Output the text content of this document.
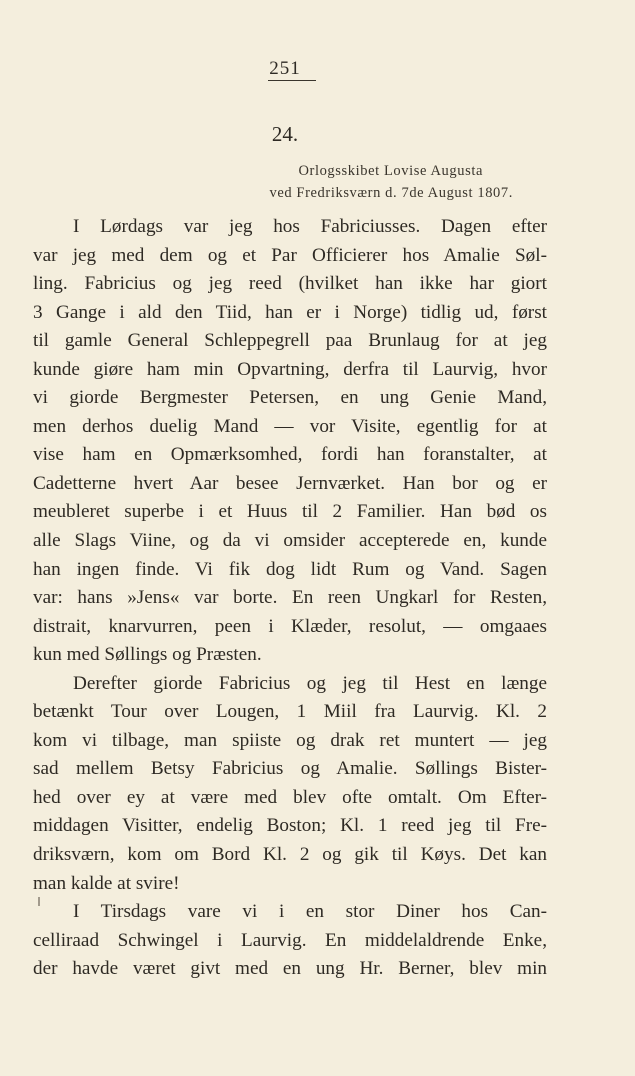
251
24.
Orlogsskibet Lovise Augusta
ved Fredriksværn d. 7de August 1807.
I Lørdags var jeg hos Fabriciusses. Dagen efter
var jeg med dem og et Par Officierer hos Amalie Søl-
ling. Fabricius og jeg reed (hvilket han ikke har giort
3 Gange i ald den Tiid, han er i Norge) tidlig ud, først
til gamle General Schleppegrell paa Brunlaug for at jeg
kunde giøre ham min Opvartning, derfra til Laurvig, hvor
vi giorde Bergmester Petersen, en ung Genie Mand,
men derhos duelig Mand — vor Visite, egentlig for at
vise ham en Opmærksomhed, fordi han foranstalter, at
Cadetterne hvert Aar besee Jernværket. Han bor og er
meubleret superbe i et Huus til 2 Familier. Han bød os
alle Slags Viine, og da vi omsider accepterede en, kunde
han ingen finde. Vi fik dog lidt Rum og Vand. Sagen
var: hans »Jens« var borte. En reen Ungkarl for Resten,
distrait, knarvurren, peen i Klæder, resolut, — omgaaes
kun med Søllings og Præsten.
Derefter giorde Fabricius og jeg til Hest en længe
betænkt Tour over Lougen, 1 Miil fra Laurvig. Kl. 2
kom vi tilbage, man spiiste og drak ret muntert — jeg
sad mellem Betsy Fabricius og Amalie. Søllings Bister-
hed over ey at være med blev ofte omtalt. Om Efter-
middagen Visitter, endelig Boston; Kl. 1 reed jeg til Fre-
driksværn, kom om Bord Kl. 2 og gik til Køys. Det kan
man kalde at svire!
I Tirsdags vare vi i en stor Diner hos Can-
celliraad Schwingel i Laurvig. En middelaldrende Enke,
der havde været givt med en ung Hr. Berner, blev min
